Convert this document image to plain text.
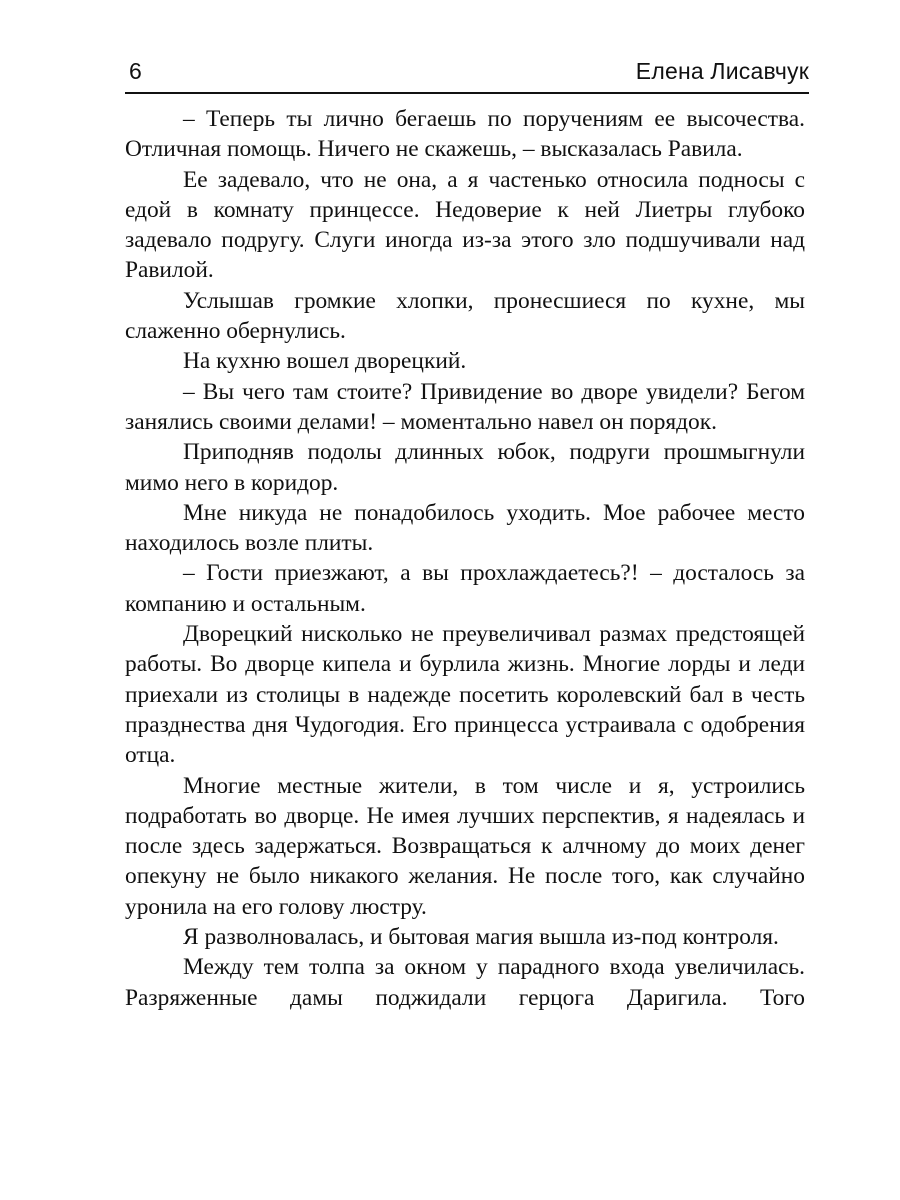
6	Елена Лисавчук

– Теперь ты лично бегаешь по поручениям ее высочества. Отличная помощь. Ничего не скажешь, – высказалась Равила.

Ее задевало, что не она, а я частенько относила подносы с едой в комнату принцессе. Недоверие к ней Лиетры глубоко задевало подругу. Слуги иногда из-за этого зло подшучивали над Равилой.

Услышав громкие хлопки, пронесшиеся по кухне, мы слаженно обернулись.

На кухню вошел дворецкий.

– Вы чего там стоите? Привидение во дворе увидели? Бегом занялись своими делами! – моментально навел он порядок.

Приподняв подолы длинных юбок, подруги прошмыгнули мимо него в коридор.

Мне никуда не понадобилось уходить. Мое рабочее место находилось возле плиты.

– Гости приезжают, а вы прохлаждаетесь?! – досталось за компанию и остальным.

Дворецкий нисколько не преувеличивал размах предстоящей работы. Во дворце кипела и бурлила жизнь. Многие лорды и леди приехали из столицы в надежде посетить королевский бал в честь празднества дня Чудогодия. Его принцесса устраивала с одобрения отца.

Многие местные жители, в том числе и я, устроились подработать во дворце. Не имея лучших перспектив, я надеялась и после здесь задержаться. Возвращаться к алчному до моих денег опекуну не было никакого желания. Не после того, как случайно уронила на его голову люстру.

Я разволновалась, и бытовая магия вышла из-под контроля.

Между тем толпа за окном у парадного входа увеличилась. Разряженные дамы поджидали герцога Даригила. Того
